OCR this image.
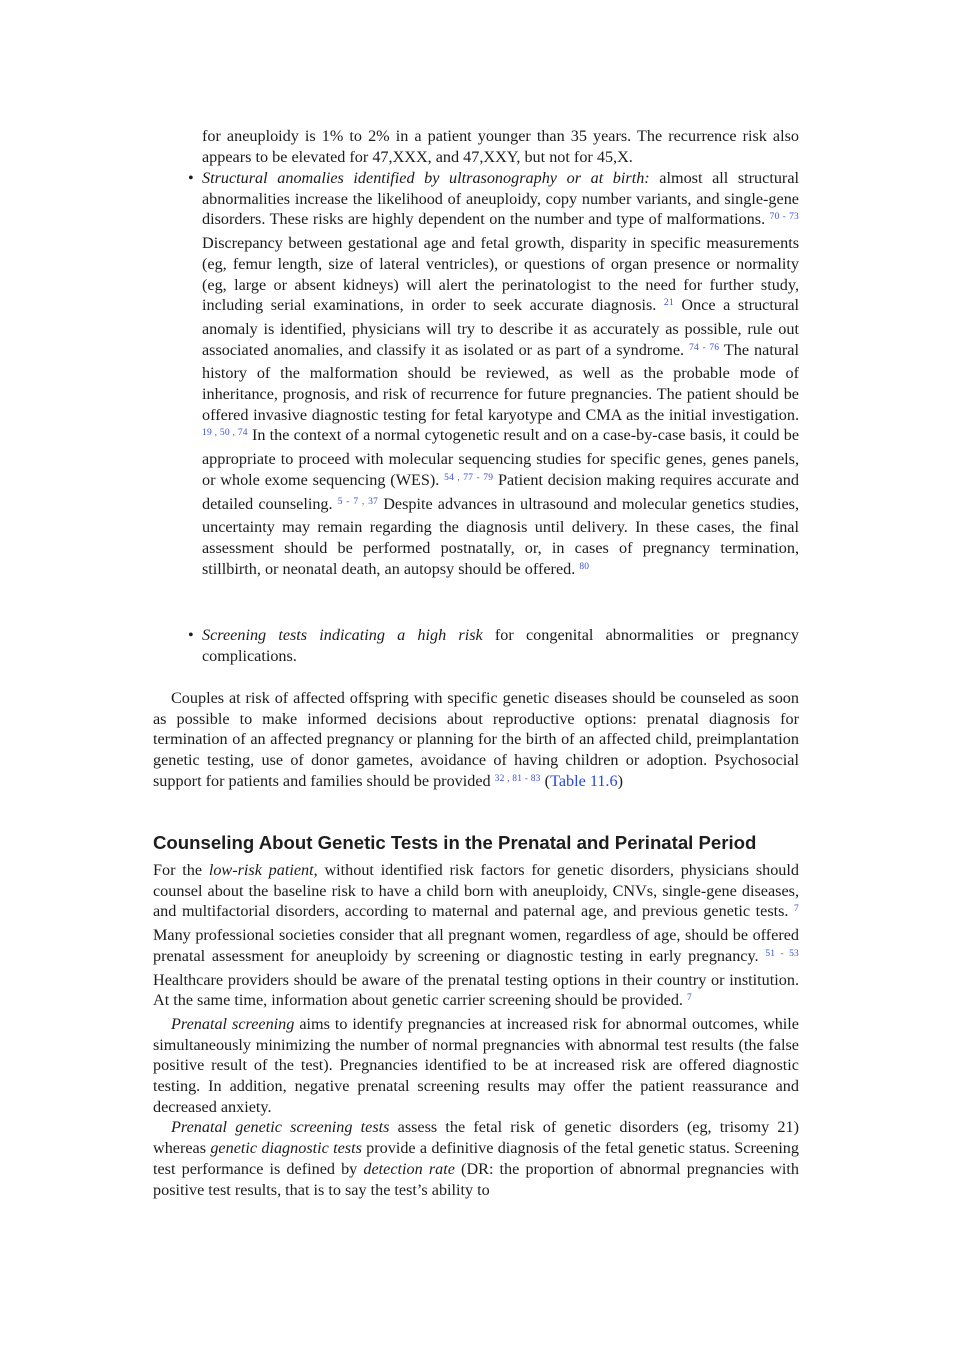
for aneuploidy is 1% to 2% in a patient younger than 35 years. The recurrence risk also appears to be elevated for 47,XXX, and 47,XXY, but not for 45,X.
• Structural anomalies identified by ultrasonography or at birth: almost all structural abnormalities increase the likelihood of aneuploidy, copy number variants, and single-gene disorders. These risks are highly dependent on the number and type of malformations. $^{70 - 73}$ Discrepancy between gestational age and fetal growth, disparity in specific measurements (eg, femur length, size of lateral ventricles), or questions of organ presence or normality (eg, large or absent kidneys) will alert the perinatologist to the need for further study, including serial examinations, in order to seek accurate diagnosis. $^{21}$ Once a structural anomaly is identified, physicians will try to describe it as accurately as possible, rule out associated anomalies, and classify it as isolated or as part of a syndrome. $^{74 - 76}$ The natural history of the malformation should be reviewed, as well as the probable mode of inheritance, prognosis, and risk of recurrence for future pregnancies. The patient should be offered invasive diagnostic testing for fetal karyotype and CMA as the initial investigation. $^{19 , 50 , 74}$ In the context of a normal cytogenetic result and on a case-by-case basis, it could be appropriate to proceed with molecular sequencing studies for specific genes, genes panels, or whole exome sequencing (WES). $^{54 , 77 - 79}$ Patient decision making requires accurate and detailed counseling. $^{5 - 7 , 37}$ Despite advances in ultrasound and molecular genetics studies, uncertainty may remain regarding the diagnosis until delivery. In these cases, the final assessment should be performed postnatally, or, in cases of pregnancy termination, stillbirth, or neonatal death, an autopsy should be offered. $^{80}$
• Screening tests indicating a high risk for congenital abnormalities or pregnancy complications.
Couples at risk of affected offspring with specific genetic diseases should be counseled as soon as possible to make informed decisions about reproductive options: prenatal diagnosis for termination of an affected pregnancy or planning for the birth of an affected child, preimplantation genetic testing, use of donor gametes, avoidance of having children or adoption. Psychosocial support for patients and families should be provided $^{32 , 81 - 83}$ (Table 11.6)
Counseling About Genetic Tests in the Prenatal and Perinatal Period

For the low-risk patient, without identified risk factors for genetic disorders, physicians should counsel about the baseline risk to have a child born with aneuploidy, CNVs, single-gene diseases, and multifactorial disorders, according to maternal and paternal age, and previous genetic tests. $^7$ Many professional societies consider that all pregnant women, regardless of age, should be offered prenatal assessment for aneuploidy by screening or diagnostic testing in early pregnancy. $^{51 - 53}$ Healthcare providers should be aware of the prenatal testing options in their country or institution. At the same time, information about genetic carrier screening should be provided. $^7$

Prenatal screening aims to identify pregnancies at increased risk for abnormal outcomes, while simultaneously minimizing the number of normal pregnancies with abnormal test results (the false positive result of the test). Pregnancies identified to be at increased risk are offered diagnostic testing. In addition, negative prenatal screening results may offer the patient reassurance and decreased anxiety.

Prenatal genetic screening tests assess the fetal risk of genetic disorders (eg, trisomy 21) whereas genetic diagnostic tests provide a definitive diagnosis of the fetal genetic status. Screening test performance is defined by detection rate (DR: the proportion of abnormal pregnancies with positive test results, that is to say the test’s ability to
